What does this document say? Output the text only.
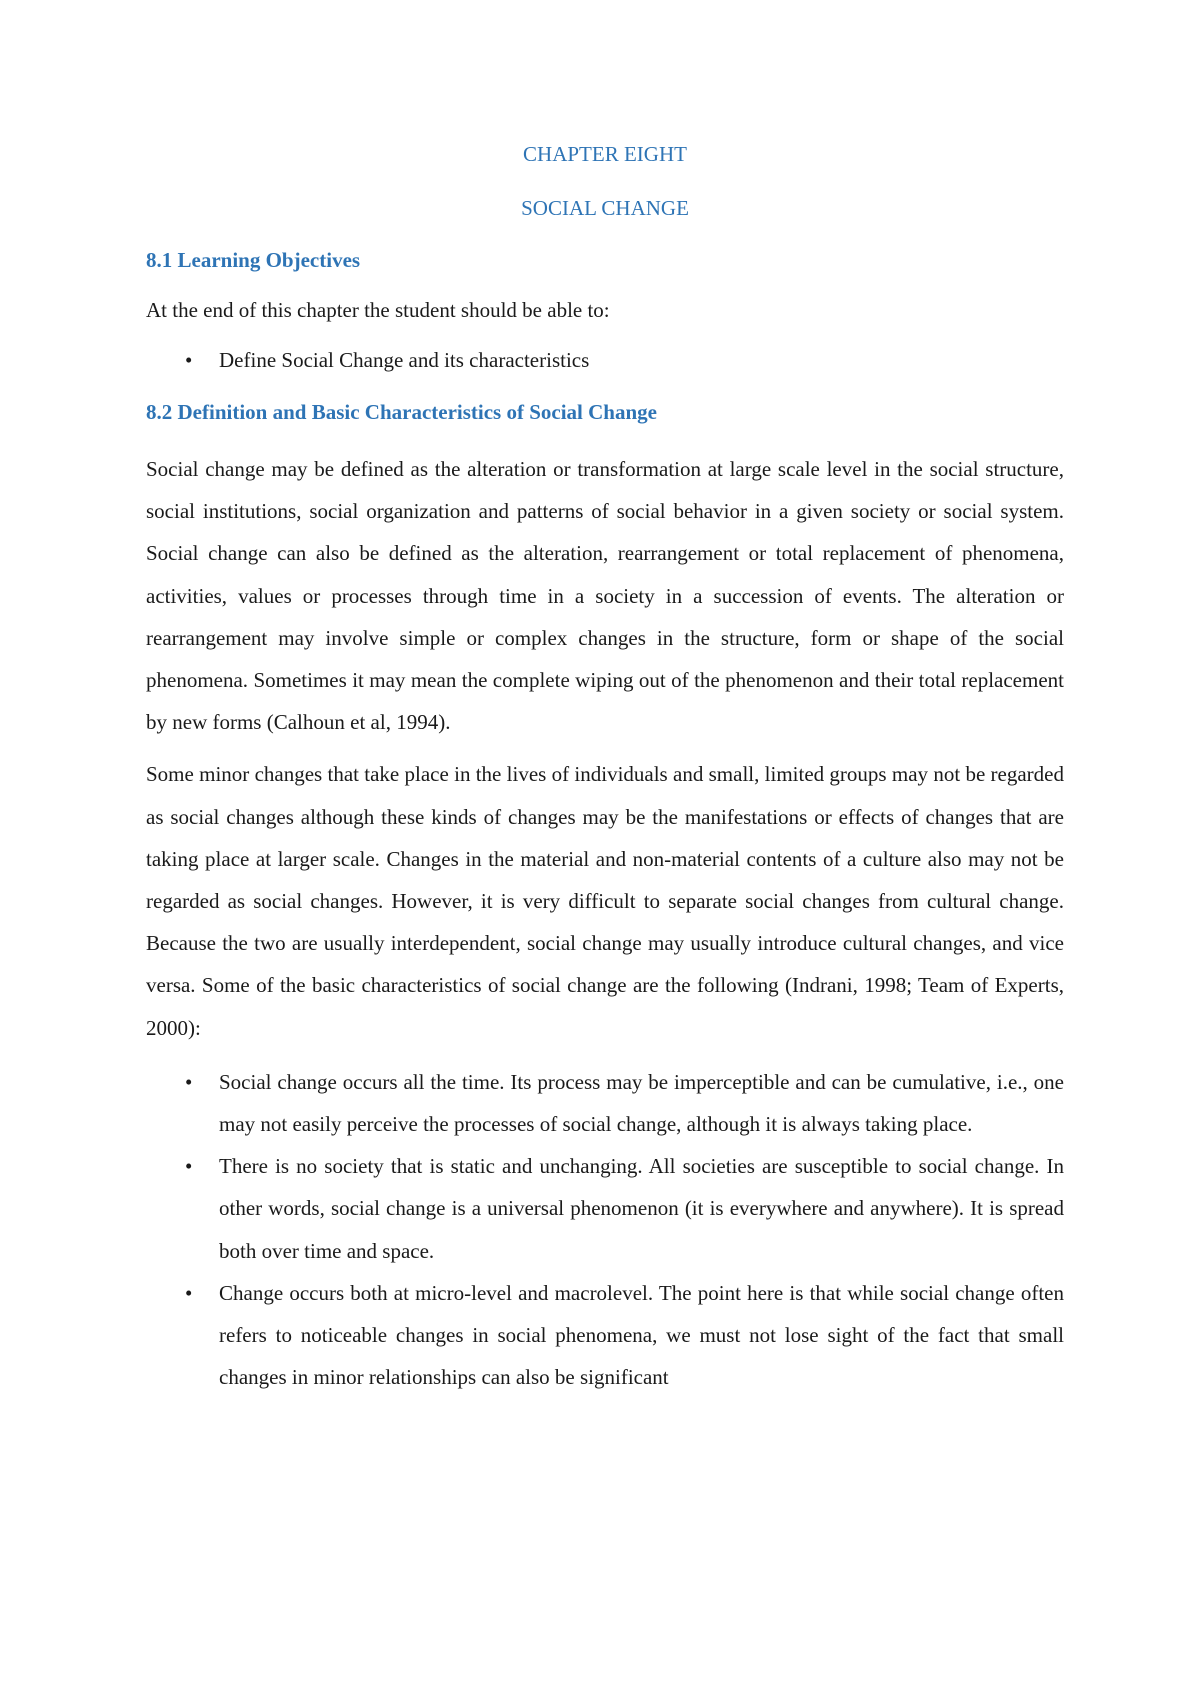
CHAPTER EIGHT
SOCIAL CHANGE
8.1 Learning Objectives
At the end of this chapter the student should be able to:
• Define Social Change and its characteristics
8.2 Definition and Basic Characteristics of Social Change

Social change may be defined as the alteration or transformation at large scale level in the social structure, social institutions, social organization and patterns of social behavior in a given society or social system. Social change can also be defined as the alteration, rearrangement or total replacement of phenomena, activities, values or processes through time in a society in a succession of events. The alteration or rearrangement may involve simple or complex changes in the structure, form or shape of the social phenomena. Sometimes it may mean the complete wiping out of the phenomenon and their total replacement by new forms (Calhoun et al, 1994).

Some minor changes that take place in the lives of individuals and small, limited groups may not be regarded as social changes although these kinds of changes may be the manifestations or effects of changes that are taking place at larger scale. Changes in the material and non-material contents of a culture also may not be regarded as social changes. However, it is very difficult to separate social changes from cultural change. Because the two are usually interdependent, social change may usually introduce cultural changes, and vice versa. Some of the basic characteristics of social change are the following (Indrani, 1998; Team of Experts, 2000):

• Social change occurs all the time. Its process may be imperceptible and can be cumulative, i.e., one may not easily perceive the processes of social change, although it is always taking place.
• There is no society that is static and unchanging. All societies are susceptible to social change. In other words, social change is a universal phenomenon (it is everywhere and anywhere). It is spread both over time and space.
• Change occurs both at micro-level and macrolevel. The point here is that while social change often refers to noticeable changes in social phenomena, we must not lose sight of the fact that small changes in minor relationships can also be significant
